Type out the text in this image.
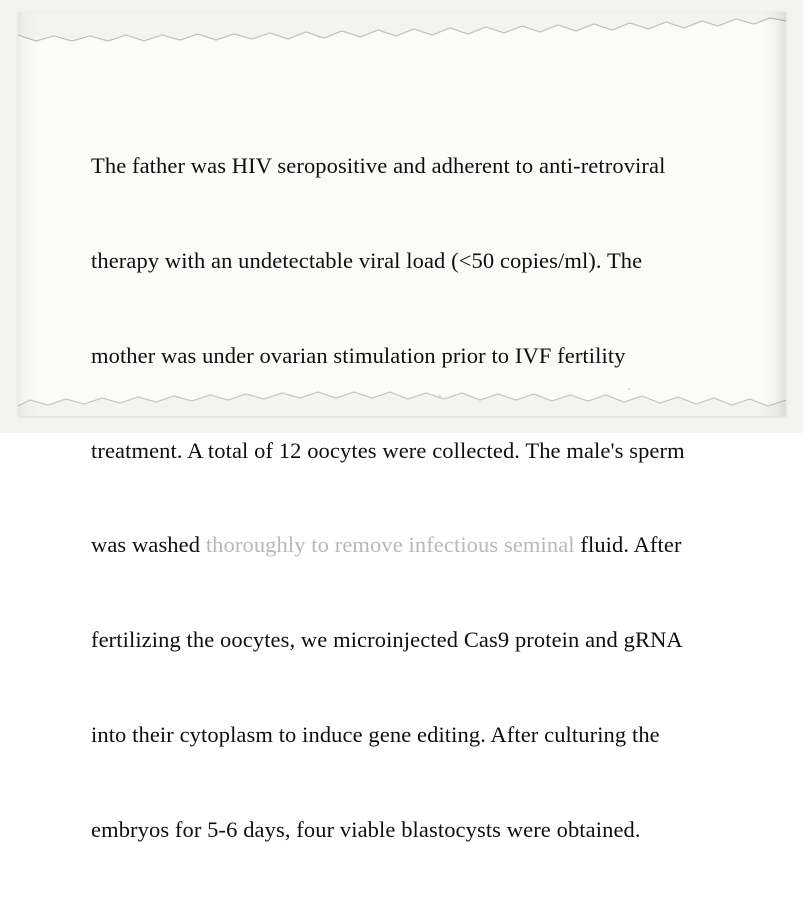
The father was HIV seropositive and adherent to anti-retroviral

therapy with an undetectable viral load (<50 copies/ml). The

mother was under ovarian stimulation prior to IVF fertility

treatment. A total of 12 oocytes were collected. The male's sperm

was washed thoroughly to remove infectious seminal fluid. After

fertilizing the oocytes, we microinjected Cas9 protein and gRNA

into their cytoplasm to induce gene editing. After culturing the

embryos for 5-6 days, four viable blastocysts were obtained.
